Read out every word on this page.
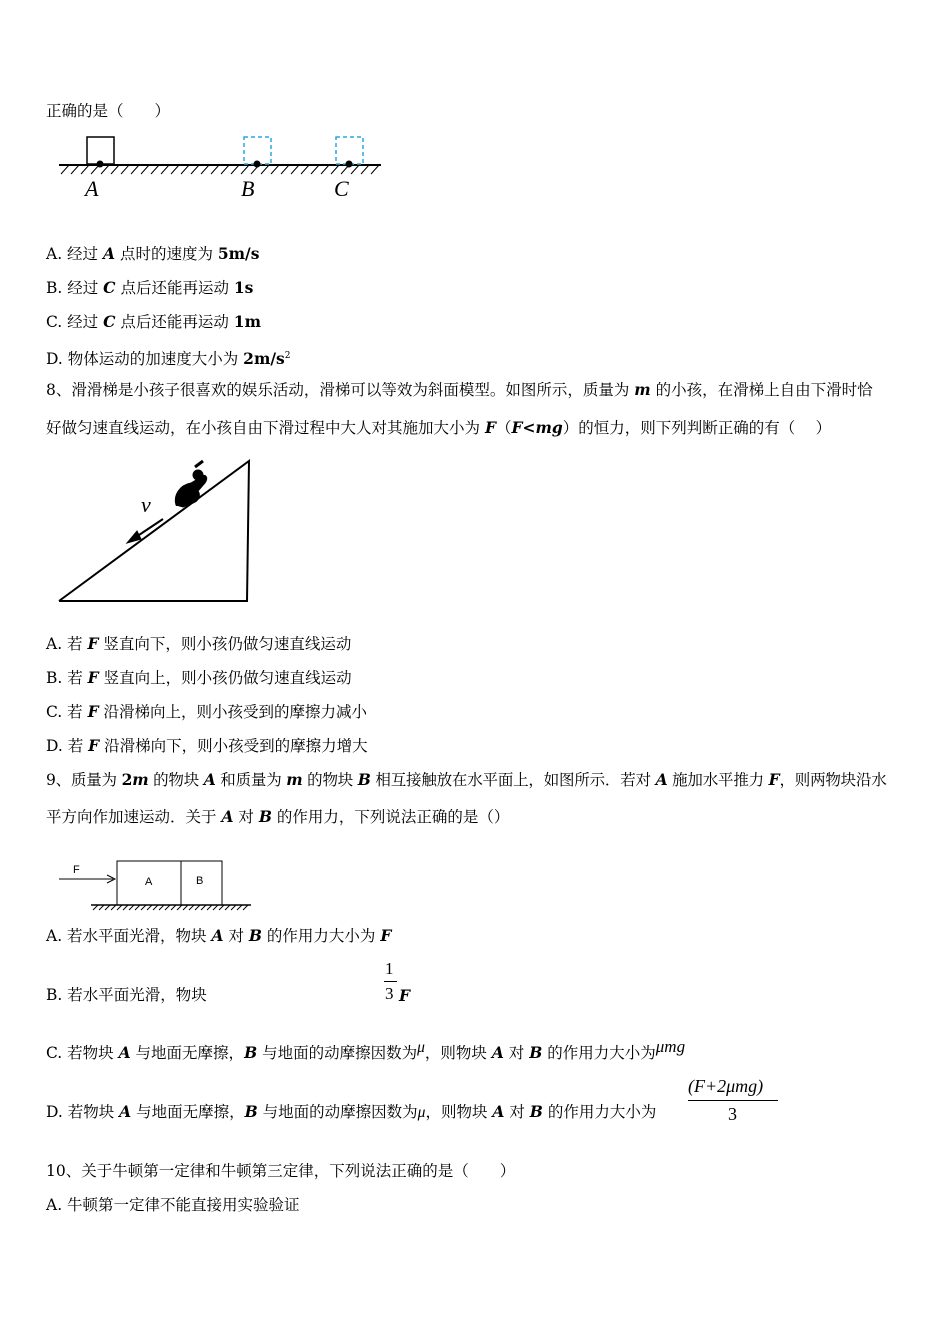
正确的是（　　）
A	B	C
A. 经过 A 点时的速度为 5m/s
B. 经过 C 点后还能再运动 1s
C. 经过 C 点后还能再运动 1m
D. 物体运动的加速度大小为 $2m/s^2$
8、滑滑梯是小孩子很喜欢的娱乐活动，滑梯可以等效为斜面模型。如图所示，质量为 m 的小孩，在滑梯上自由下滑时恰
好做匀速直线运动，在小孩自由下滑过程中大人对其施加大小为 F（F<mg）的恒力，则下列判断正确的有（　 ）
v
A. 若 F 竖直向下，则小孩仍做匀速直线运动
B. 若 F 竖直向上，则小孩仍做匀速直线运动
C. 若 F 沿滑梯向上，则小孩受到的摩擦力减小
D. 若 F 沿滑梯向下，则小孩受到的摩擦力增大
9、质量为 2m 的物块 A 和质量为 m 的物块 B 相互接触放在水平面上，如图所示．若对 A 施加水平推力 F，则两物块沿水
平方向作加速运动．关于 A 对 B 的作用力，下列说法正确的是（）
F
A	B
A. 若水平面光滑，物块 A 对 B 的作用力大小为 F
B. 若水平面光滑，物块
1
3 F
C. 若物块 A 与地面无摩擦，B 与地面的动摩擦因数为μ，则物块 A 对 B 的作用力大小为μmg
D. 若物块 A 与地面无摩擦，B 与地面的动摩擦因数为μ，则物块 A 对 B 的作用力大小为
(F+2μmg)
3
10、关于牛顿第一定律和牛顿第三定律，下列说法正确的是（　　）
A. 牛顿第一定律不能直接用实验验证
